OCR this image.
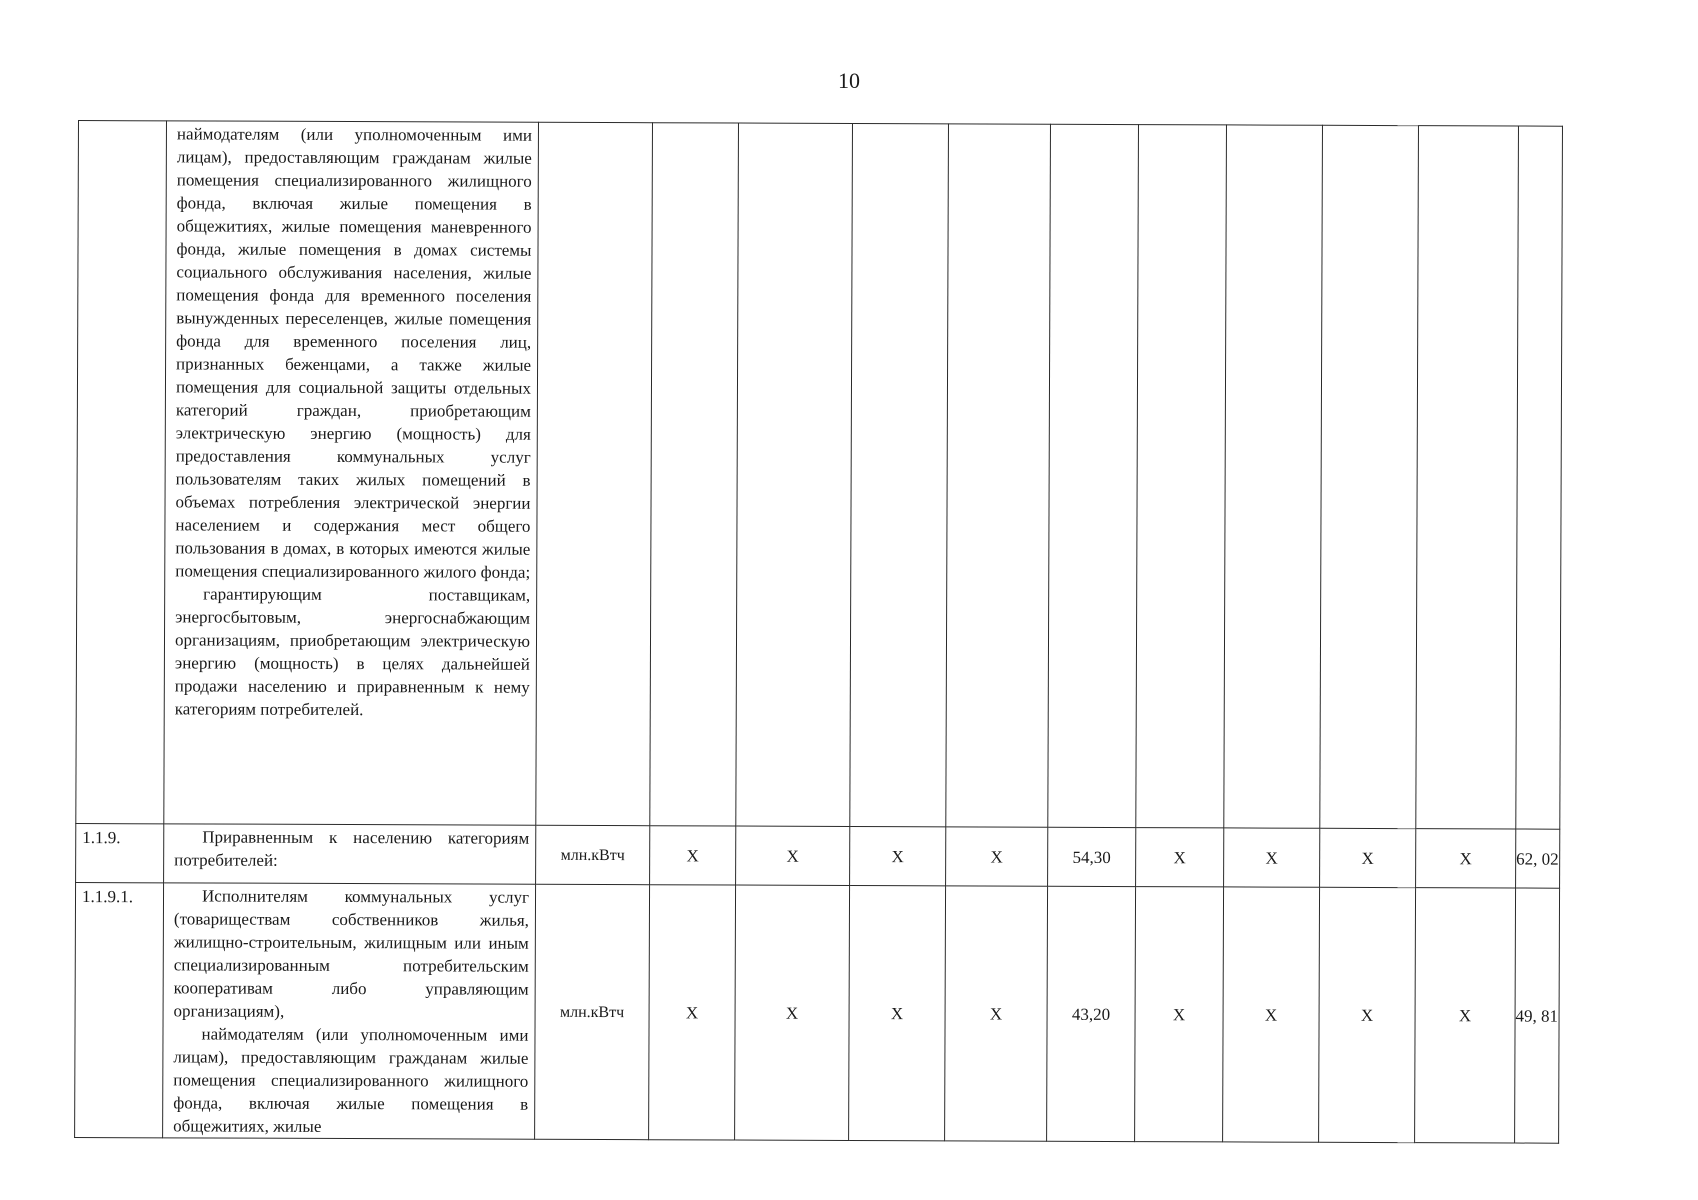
10

	наймодателям (или уполномоченным ими лицам), предоставляющим гражданам жилые помещения специализированного жилищного фонда, включая жилые помещения в общежитиях, жилые помещения маневренного фонда, жилые помещения в домах системы социального обслуживания населения, жилые помещения фонда для временного поселения вынужденных переселенцев, жилые помещения фонда для временного поселения лиц, признанных беженцами, а также жилые помещения для социальной защиты отдельных категорий граждан, приобретающим электрическую энергию (мощность) для предоставления коммунальных услуг пользователям таких жилых помещений в объемах потребления электрической энергии населением и содержания мест общего пользования в домах, в которых имеются жилые помещения специализированного жилого фонда;

гарантирующим поставщикам, энергосбытовым, энергоснабжающим организациям, приобретающим электрическую энергию (мощность) в целях дальнейшей продажи населению и приравненным к нему категориям потребителей.											

1.1.9.	Приравненным к населению категориям потребителей:	млн.кВтч	X	X	X	X	54,30	X	X	X	X	62, 02
1.1.9.1.	Исполнителям коммунальных услуг (товариществам собственников жилья, жилищно-строительным, жилищным или иным специализированным потребительским кооперативам либо управляющим организациям),

наймодателям (или уполномоченным ими лицам), предоставляющим гражданам жилые помещения специализированного жилищного фонда, включая жилые помещения в общежитиях, жилые	млн.кВтч	X	X	X	X	43,20	X	X	X	X	49, 81
